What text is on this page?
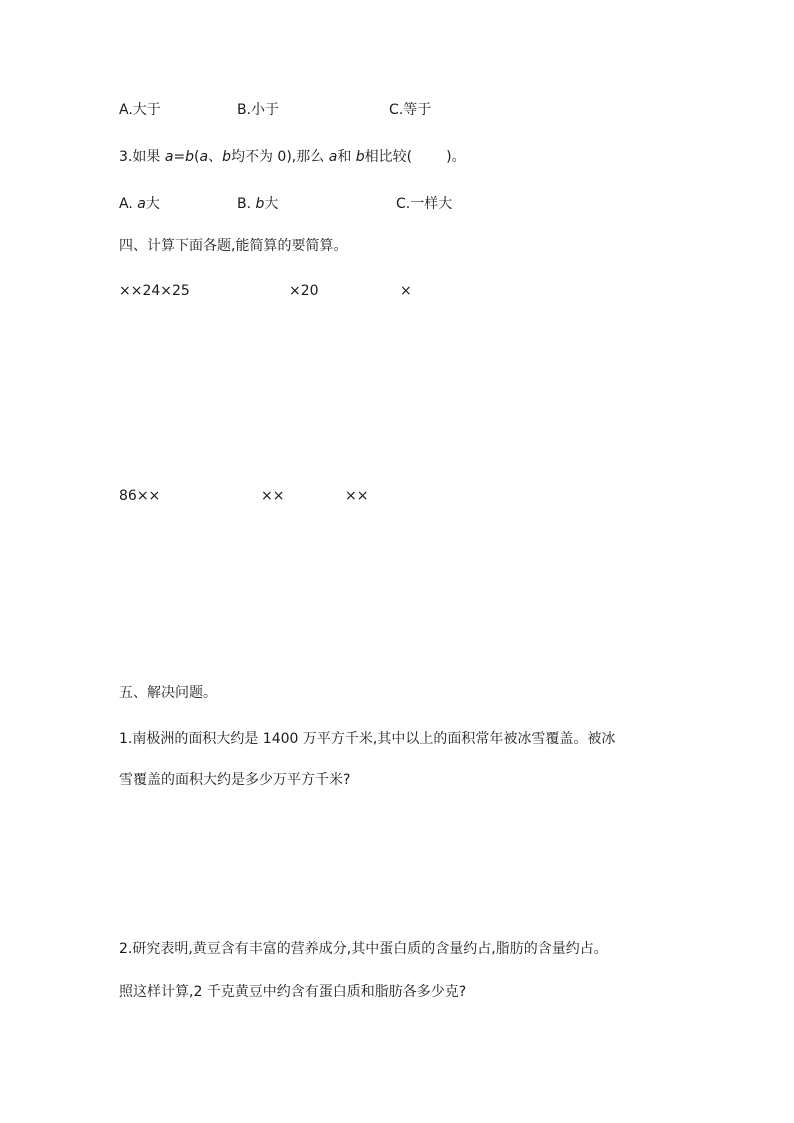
A.大于	B.小于	C.等于
3.如果 a=b(a、b均不为 0),那么 a和 b相比较( )。
A. a大	B. b大	C.一样大
四、计算下面各题,能简算的要简算。
××24×25	×20	×
86××	××	××
五、解决问题。
1.南极洲的面积大约是 1400 万平方千米,其中以上的面积常年被冰雪覆盖。被冰
雪覆盖的面积大约是多少万平方千米?
2.研究表明,黄豆含有丰富的营养成分,其中蛋白质的含量约占,脂肪的含量约占。
照这样计算,2 千克黄豆中约含有蛋白质和脂肪各多少克?
